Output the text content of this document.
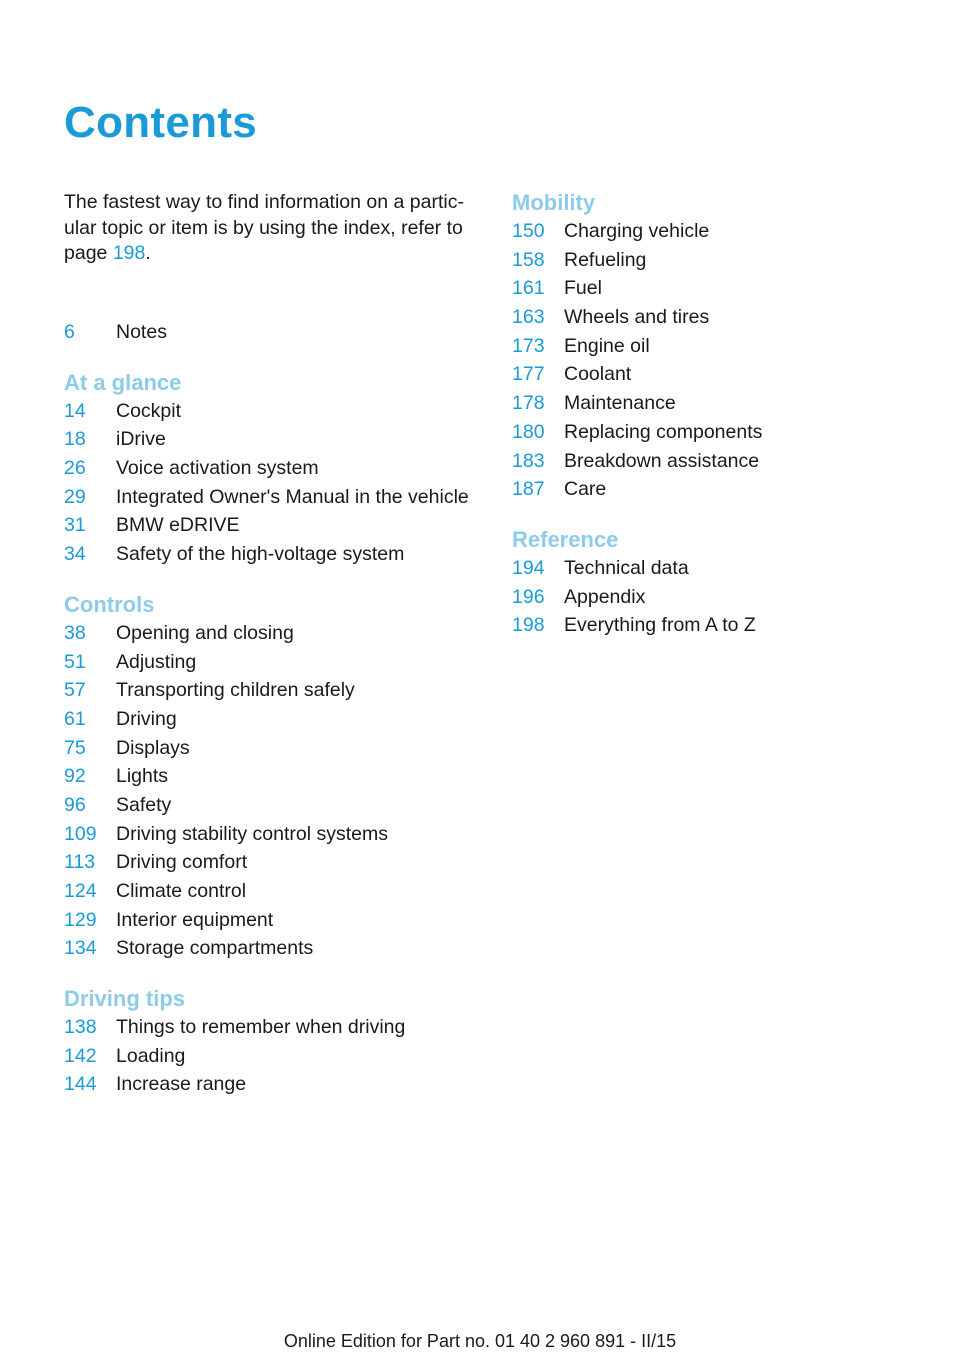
Contents

The fastest way to find information on a partic-ular topic or item is by using the index, refer to page 198.

6	Notes
At a glance
14	Cockpit
18	iDrive
26	Voice activation system
29	Integrated Owner's Manual in the vehicle
31	BMW eDRIVE
34	Safety of the high-voltage system
Controls
38	Opening and closing
51	Adjusting
57	Transporting children safely
61	Driving
75	Displays
92	Lights
96	Safety
109 Driving stability control systems
113	Driving comfort
124 Climate control
129 Interior equipment
134 Storage compartments
Driving tips
138 Things to remember when driving
142 Loading
144 Increase range
Mobility
150 Charging vehicle
158 Refueling
161 Fuel
163 Wheels and tires
173 Engine oil
177 Coolant
178 Maintenance
180 Replacing components
183 Breakdown assistance
187 Care
Reference
194 Technical data
196 Appendix
198 Everything from A to Z
Online Edition for Part no. 01 40 2 960 891 - II/15
